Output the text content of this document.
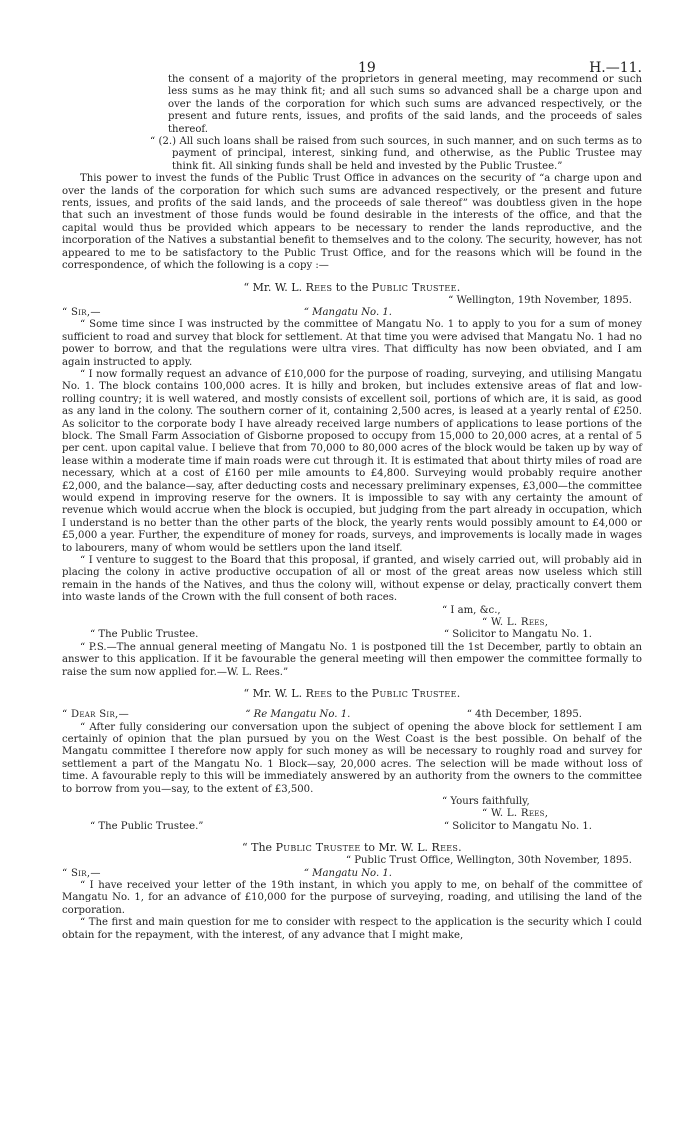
19	H.—11.

the consent of a majority of the proprietors in general meeting, may recommend or such less sums as he may think fit; and all such sums so advanced shall be a charge upon and over the lands of the corporation for which such sums are advanced respectively, or the present and future rents, issues, and profits of the said lands, and the proceeds of sales thereof.

“ (2.) All such loans shall be raised from such sources, in such manner, and on such terms as to payment of principal, interest, sinking fund, and otherwise, as the Public Trustee may think fit. All sinking funds shall be held and invested by the Public Trustee.”

This power to invest the funds of the Public Trust Office in advances on the security of “a charge upon and over the lands of the corporation for which such sums are advanced respectively, or the present and future rents, issues, and profits of the said lands, and the proceeds of sale thereof” was doubtless given in the hope that such an investment of those funds would be found desirable in the interests of the office, and that the capital would thus be provided which appears to be necessary to render the lands reproductive, and the incorporation of the Natives a substantial benefit to themselves and to the colony. The security, however, has not appeared to me to be satisfactory to the Public Trust Office, and for the reasons which will be found in the correspondence, of which the following is a copy :—

“ Mr. W. L. Rees to the Public Trustee.

“ Wellington, 19th November, 1895.

“ Sir,—	“ Mangatu No. 1.

“ Some time since I was instructed by the committee of Mangatu No. 1 to apply to you for a sum of money sufficient to road and survey that block for settlement. At that time you were advised that Mangatu No. 1 had no power to borrow, and that the regulations were ultra vires. That difficulty has now been obviated, and I am again instructed to apply.

“ I now formally request an advance of £10,000 for the purpose of roading, surveying, and utilising Mangatu No. 1. The block contains 100,000 acres. It is hilly and broken, but includes extensive areas of flat and low-rolling country; it is well watered, and mostly consists of excellent soil, portions of which are, it is said, as good as any land in the colony. The southern corner of it, containing 2,500 acres, is leased at a yearly rental of £250. As solicitor to the corporate body I have already received large numbers of applications to lease portions of the block. The Small Farm Association of Gisborne proposed to occupy from 15,000 to 20,000 acres, at a rental of 5 per cent. upon capital value. I believe that from 70,000 to 80,000 acres of the block would be taken up by way of lease within a moderate time if main roads were cut through it. It is estimated that about thirty miles of road are necessary, which at a cost of £160 per mile amounts to £4,800. Surveying would probably require another £2,000, and the balance—say, after deducting costs and necessary preliminary expenses, £3,000—the committee would expend in improving reserve for the owners. It is impossible to say with any certainty the amount of revenue which would accrue when the block is occupied, but judging from the part already in occupation, which I understand is no better than the other parts of the block, the yearly rents would possibly amount to £4,000 or £5,000 a year. Further, the expenditure of money for roads, surveys, and improvements is locally made in wages to labourers, many of whom would be settlers upon the land itself.

“ I venture to suggest to the Board that this proposal, if granted, and wisely carried out, will probably aid in placing the colony in active productive occupation of all or most of the great areas now useless which still remain in the hands of the Natives, and thus the colony will, without expense or delay, practically convert them into waste lands of the Crown with the full consent of both races.

“ I am, &c.,

“ W. L. Rees,

“ The Public Trustee.	“ Solicitor to Mangatu No. 1.

“ P.S.—The annual general meeting of Mangatu No. 1 is postponed till the 1st December, partly to obtain an answer to this application. If it be favourable the general meeting will then empower the committee formally to raise the sum now applied for.—W. L. Rees.”

“ Mr. W. L. Rees to the Public Trustee.
“ Dear Sir,—	“ Re Mangatu No. 1.	“ 4th December, 1895.

“ After fully considering our conversation upon the subject of opening the above block for settlement I am certainly of opinion that the plan pursued by you on the West Coast is the best possible. On behalf of the Mangatu committee I therefore now apply for such money as will be necessary to roughly road and survey for settlement a part of the Mangatu No. 1 Block—say, 20,000 acres. The selection will be made without loss of time. A favourable reply to this will be immediately answered by an authority from the owners to the committee to borrow from you—say, to the extent of £3,500.

“ Yours faithfully,

“ W. L. Rees,

“ The Public Trustee.”	“ Solicitor to Mangatu No. 1.
“ The Public Trustee to Mr. W. L. Rees.

“ Public Trust Office, Wellington, 30th November, 1895.

“ Sir,—	“ Mangatu No. 1.

“ I have received your letter of the 19th instant, in which you apply to me, on behalf of the committee of Mangatu No. 1, for an advance of £10,000 for the purpose of surveying, roading, and utilising the land of the corporation.

“ The first and main question for me to consider with respect to the application is the security which I could obtain for the repayment, with the interest, of any advance that I might make,
